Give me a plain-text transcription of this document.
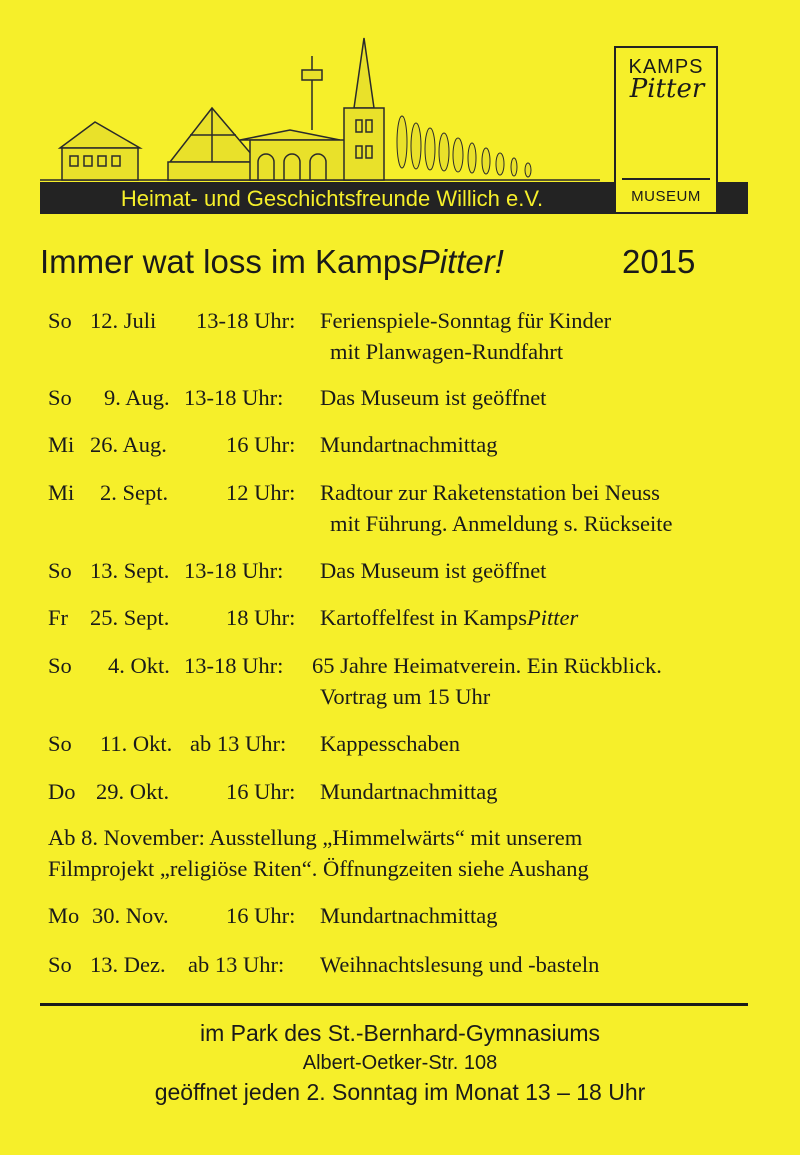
Heimat- und Geschichtsfreunde Willich e.V.
KAMPS
Pitter
MUSEUM
Immer wat loss im KampsPitter!	2015
So 12. Juli 13-18 Uhr: Ferienspiele-Sonntag für Kinder
mit Planwagen-Rundfahrt
So 9. Aug. 13-18 Uhr: Das Museum ist geöffnet
Mi 26. Aug.	16 Uhr: Mundartnachmittag
Mi 2. Sept.	12 Uhr: Radtour zur Raketenstation bei Neuss
mit Führung. Anmeldung s. Rückseite
So 13. Sept. 13-18 Uhr: Das Museum ist geöffnet
Fr 25. Sept.	18 Uhr: Kartoffelfest in KampsPitter
So 4. Okt. 13-18 Uhr: 65 Jahre Heimatverein. Ein Rückblick.
Vortrag um 15 Uhr
So 11. Okt. ab 13 Uhr: Kappesschaben
Do 29. Okt.	16 Uhr: Mundartnachmittag
Ab 8. November: Ausstellung „Himmelwärts“ mit unserem
Filmprojekt „religiöse Riten“. Öffnungzeiten siehe Aushang
Mo 30. Nov.	16 Uhr: Mundartnachmittag
So 13. Dez. ab 13 Uhr: Weihnachtslesung und -basteln
im Park des St.-Bernhard-Gymnasiums
Albert-Oetker-Str. 108
geöffnet jeden 2. Sonntag im Monat 13 – 18 Uhr
